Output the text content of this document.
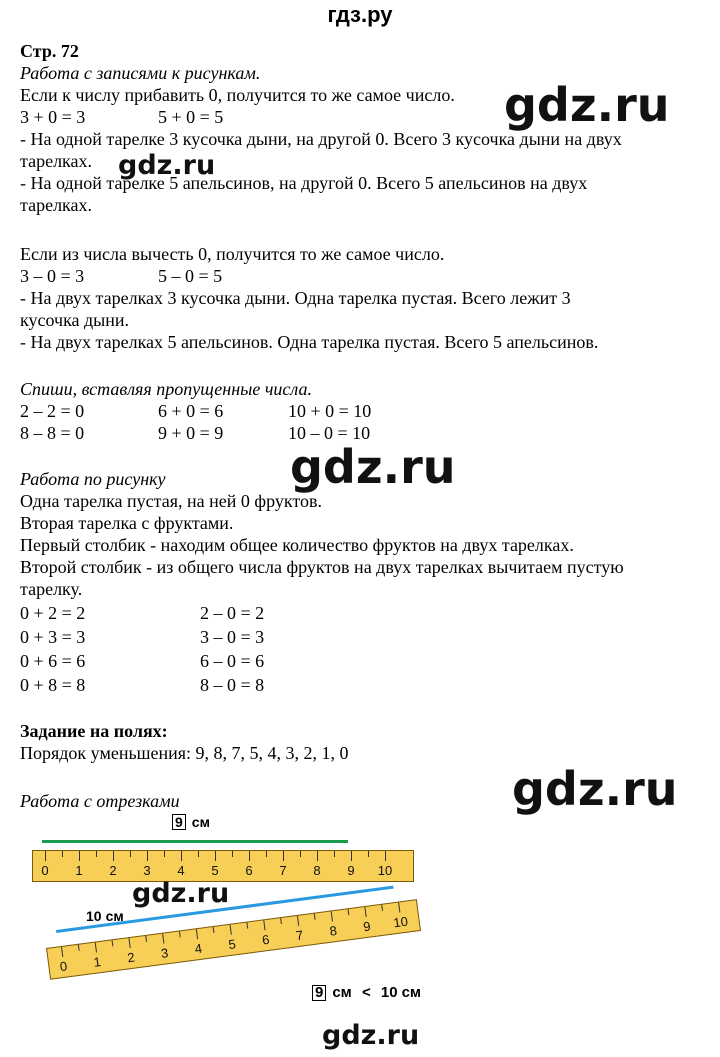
гдз.ру
Стр. 72
Работа с записями к рисункам.
Если к числу прибавить 0, получится то же самое число.
3 + 0 = 3	5 + 0 = 5
- На одной тарелке 3 кусочка дыни, на другой 0. Всего 3 кусочка дыни на двух
тарелках.
- На одной тарелке 5 апельсинов, на другой 0. Всего 5 апельсинов на двух
тарелках.
Если из числа вычесть 0, получится то же самое число.
3 – 0 = 3	5 – 0 = 5
- На двух тарелках 3 кусочка дыни. Одна тарелка пустая. Всего лежит 3
кусочка дыни.
- На двух тарелках 5 апельсинов. Одна тарелка пустая. Всего 5 апельсинов.
Спиши, вставляя пропущенные числа.
2 – 2 = 0	6 + 0 = 6	10 + 0 = 10
8 – 8 = 0	9 + 0 = 9	10 – 0 = 10
Работа по рисунку
Одна тарелка пустая, на ней 0 фруктов.
Вторая тарелка с фруктами.
Первый столбик - находим общее количество фруктов на двух тарелках.
Второй столбик - из общего числа фруктов на двух тарелках вычитаем пустую
тарелку.
0 + 2 = 2	2 – 0 = 2
0 + 3 = 3	3 – 0 = 3
0 + 6 = 6	6 – 0 = 6
0 + 8 = 8	8 – 0 = 8
Задание на полях:
Порядок уменьшения: 9, 8, 7, 5, 4, 3, 2, 1, 0
Работа с отрезками
9 см
0 1 2 3 4 5 6 7 8 9 10
10 см
0 1 2 3 4 5 6 7 8 9 10
9 см < 10 см
gdz.ru
gdz.ru
gdz.ru
gdz.ru
gdz.ru
gdz.ru
